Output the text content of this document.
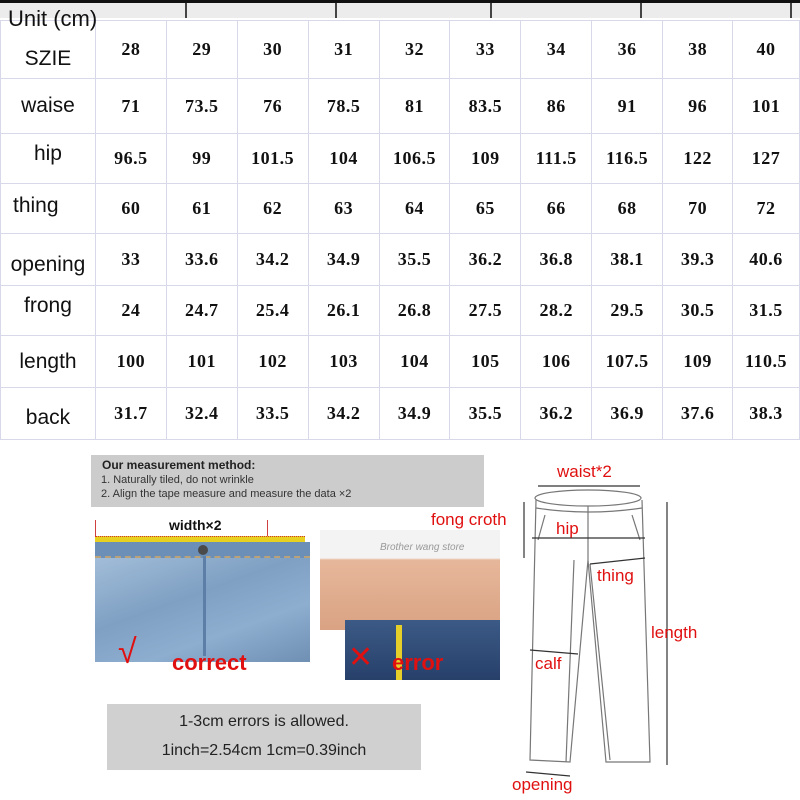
SZIE	28	29	30	31	32	33	34	36	38	40
waise	71	73.5	76	78.5	81	83.5	86	91	96	101
hip	96.5	99	101.5	104	106.5	109	111.5	116.5	122	127
thing	60	61	62	63	64	65	66	68	70	72
opening	33	33.6	34.2	34.9	35.5	36.2	36.8	38.1	39.3	40.6
frong	24	24.7	25.4	26.1	26.8	27.5	28.2	29.5	30.5	31.5
length	100	101	102	103	104	105	106	107.5	109	110.5
back	31.7	32.4	33.5	34.2	34.9	35.5	36.2	36.9	37.6	38.3
Unit (cm)
Our measurement method:
1. Naturally tiled, do not wrinkle
2. Align the tape measure and measure the data ×2
width×2
√ correct
Brother wang store
✕ error
1-3cm errors is allowed.
1inch=2.54cm 1cm=0.39inch
waist*2
fong croth	hip
thing
length
calf
opening
